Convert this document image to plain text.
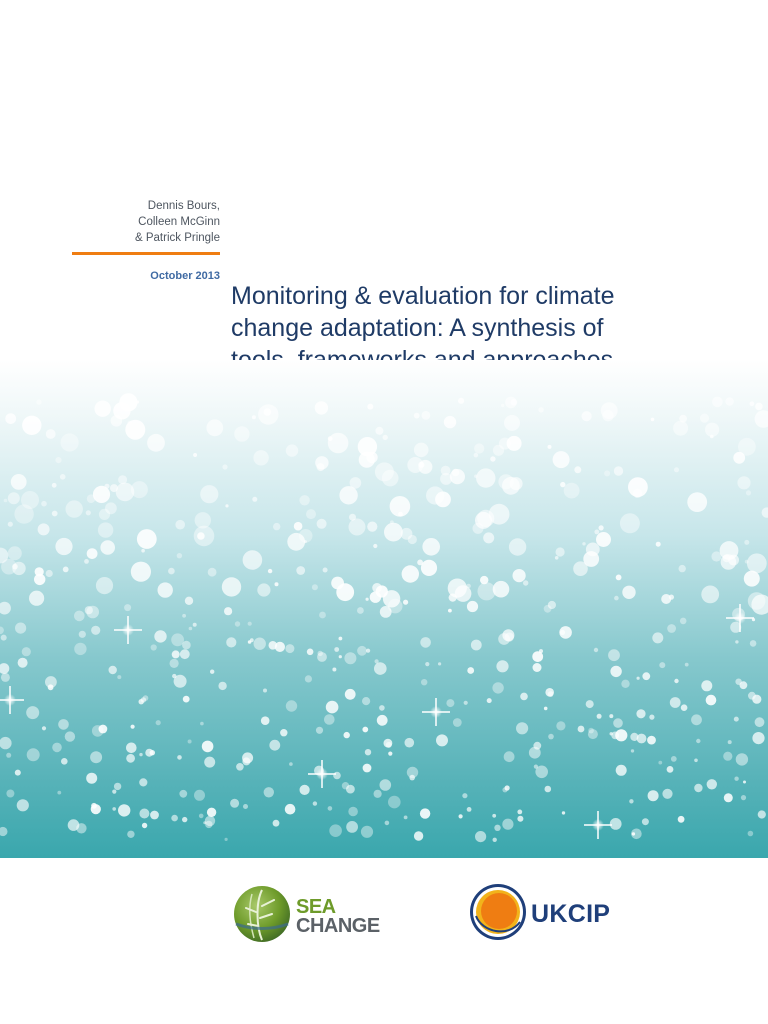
Dennis Bours,
Colleen McGinn
& Patrick Pringle
October 2013
Monitoring & evaluation for climate
change adaptation: A synthesis of
SEA
CHANGE	UKCIP
